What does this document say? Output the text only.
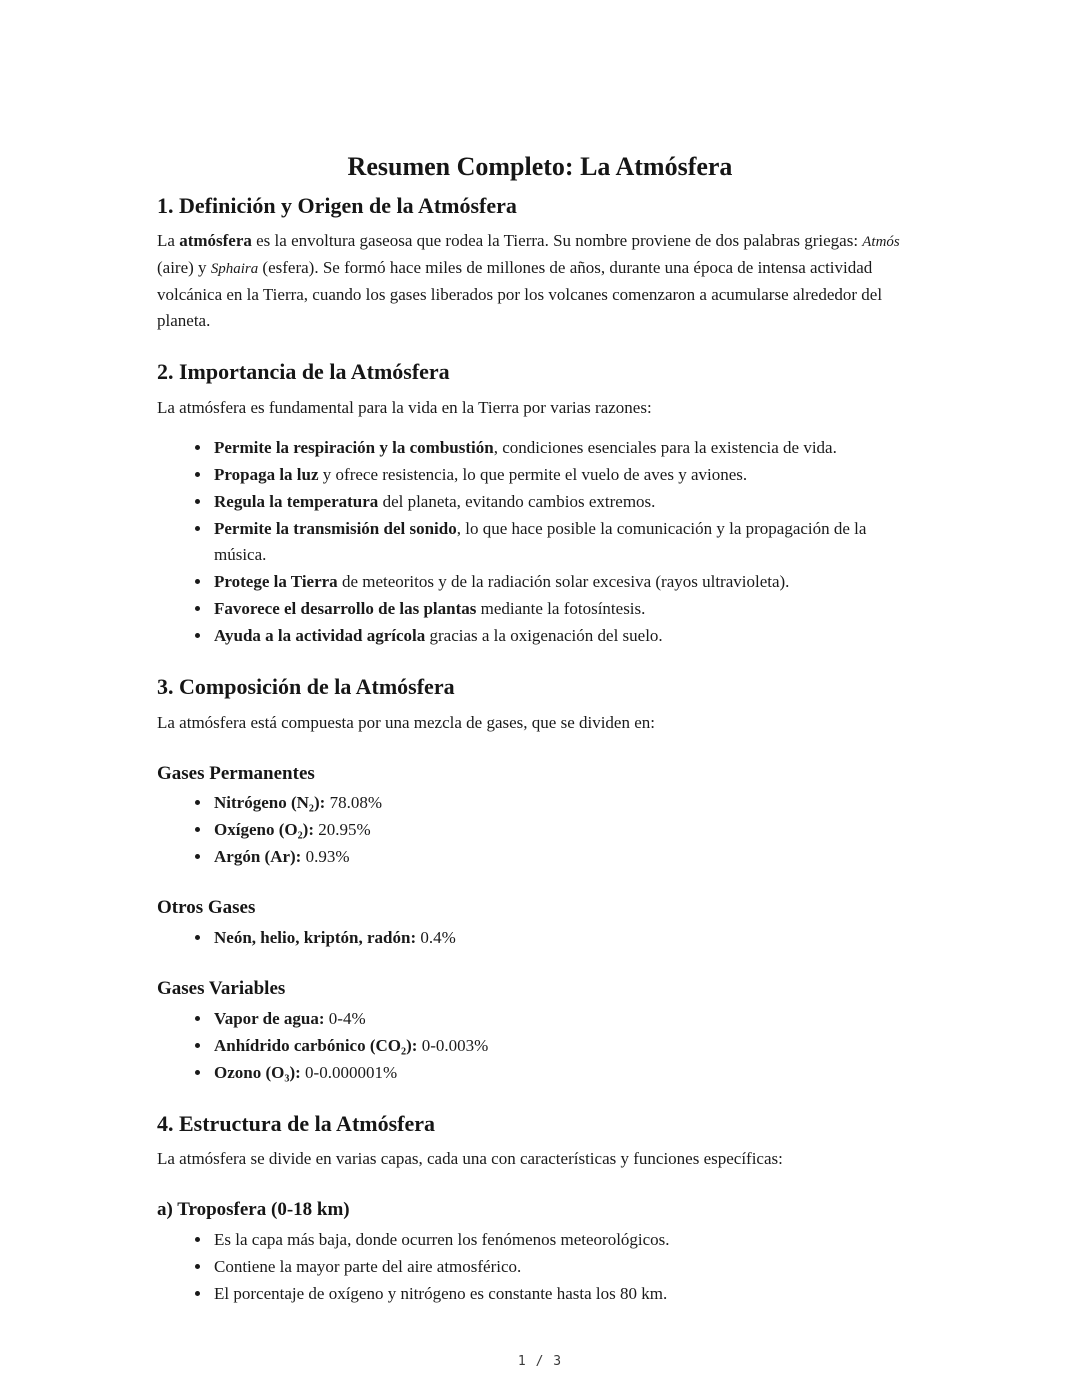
Resumen Completo: La Atmósfera
1. Definición y Origen de la Atmósfera

La atmósfera es la envoltura gaseosa que rodea la Tierra. Su nombre proviene de dos palabras griegas: Atmós (aire) y Sphaira (esfera). Se formó hace miles de millones de años, durante una época de intensa actividad volcánica en la Tierra, cuando los gases liberados por los volcanes comenzaron a acumularse alrededor del planeta.

2. Importancia de la Atmósfera

La atmósfera es fundamental para la vida en la Tierra por varias razones:

• Permite la respiración y la combustión, condiciones esenciales para la existencia de vida.
• Propaga la luz y ofrece resistencia, lo que permite el vuelo de aves y aviones.
• Regula la temperatura del planeta, evitando cambios extremos.
• Permite la transmisión del sonido, lo que hace posible la comunicación y la propagación de la música.
• Protege la Tierra de meteoritos y de la radiación solar excesiva (rayos ultravioleta).
• Favorece el desarrollo de las plantas mediante la fotosíntesis.
• Ayuda a la actividad agrícola gracias a la oxigenación del suelo.
3. Composición de la Atmósfera

La atmósfera está compuesta por una mezcla de gases, que se dividen en:

Gases Permanentes
• Nitrógeno (N₂): 78.08%
• Oxígeno (O₂): 20.95%
• Argón (Ar): 0.93%
Otros Gases
• Neón, helio, kriptón, radón: 0.4%
Gases Variables
• Vapor de agua: 0-4%
• Anhídrido carbónico (CO₂): 0-0.003%
• Ozono (O₃): 0-0.000001%
4. Estructura de la Atmósfera

La atmósfera se divide en varias capas, cada una con características y funciones específicas:

a) Troposfera (0-18 km)
• Es la capa más baja, donde ocurren los fenómenos meteorológicos.
• Contiene la mayor parte del aire atmosférico.
• El porcentaje de oxígeno y nitrógeno es constante hasta los 80 km.
1 / 3
